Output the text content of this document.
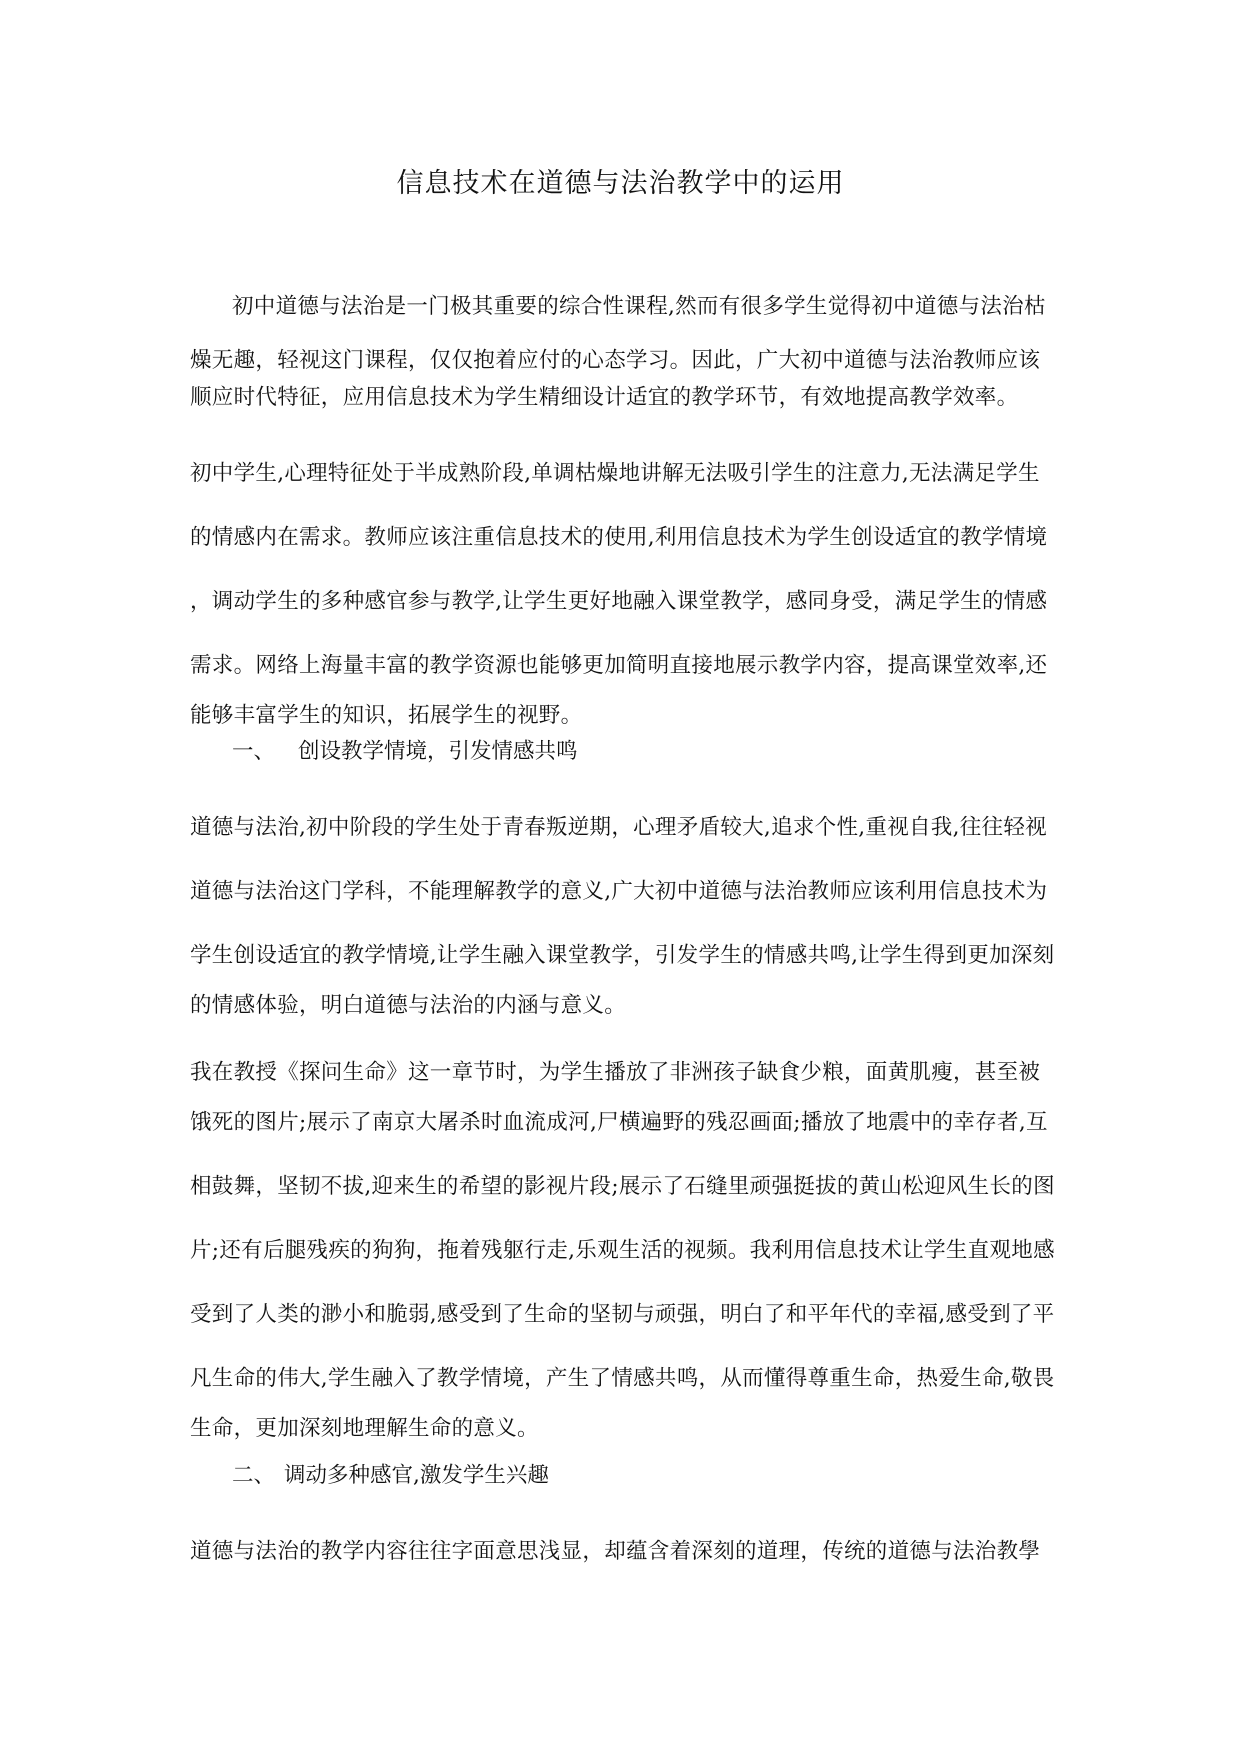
信息技术在道德与法治教学中的运用
初中道德与法治是一门极其重要的综合性课程,然而有很多学生觉得初中道德与法治枯
燥无趣，轻视这门课程，仅仅抱着应付的心态学习。因此，广大初中道德与法治教师应该
顺应时代特征，应用信息技术为学生精细设计适宜的教学环节，有效地提高教学效率。
初中学生,心理特征处于半成熟阶段,单调枯燥地讲解无法吸引学生的注意力,无法满足学生
的情感内在需求。教师应该注重信息技术的使用,利用信息技术为学生创设适宜的教学情境
，调动学生的多种感官参与教学,让学生更好地融入课堂教学，感同身受，满足学生的情感
需求。网络上海量丰富的教学资源也能够更加简明直接地展示教学内容，提高课堂效率,还
能够丰富学生的知识，拓展学生的视野。
一、 创设教学情境，引发情感共鸣
道德与法治,初中阶段的学生处于青春叛逆期，心理矛盾较大,追求个性,重视自我,往往轻视
道德与法治这门学科，不能理解教学的意义,广大初中道德与法治教师应该利用信息技术为
学生创设适宜的教学情境,让学生融入课堂教学，引发学生的情感共鸣,让学生得到更加深刻
的情感体验，明白道德与法治的内涵与意义。
我在教授《探问生命》这一章节时，为学生播放了非洲孩子缺食少粮，面黄肌瘦，甚至被
饿死的图片;展示了南京大屠杀时血流成河,尸横遍野的残忍画面;播放了地震中的幸存者,互
相鼓舞，坚韧不拔,迎来生的希望的影视片段;展示了石缝里顽强挺拔的黄山松迎风生长的图
片;还有后腿残疾的狗狗，拖着残躯行走,乐观生活的视频。我利用信息技术让学生直观地感
受到了人类的渺小和脆弱,感受到了生命的坚韧与顽强，明白了和平年代的幸福,感受到了平
凡生命的伟大,学生融入了教学情境，产生了情感共鸣，从而懂得尊重生命，热爱生命,敬畏
生命，更加深刻地理解生命的意义。
二、 调动多种感官,激发学生兴趣
道德与法治的教学内容往往字面意思浅显，却蕴含着深刻的道理，传统的道德与法治教學
